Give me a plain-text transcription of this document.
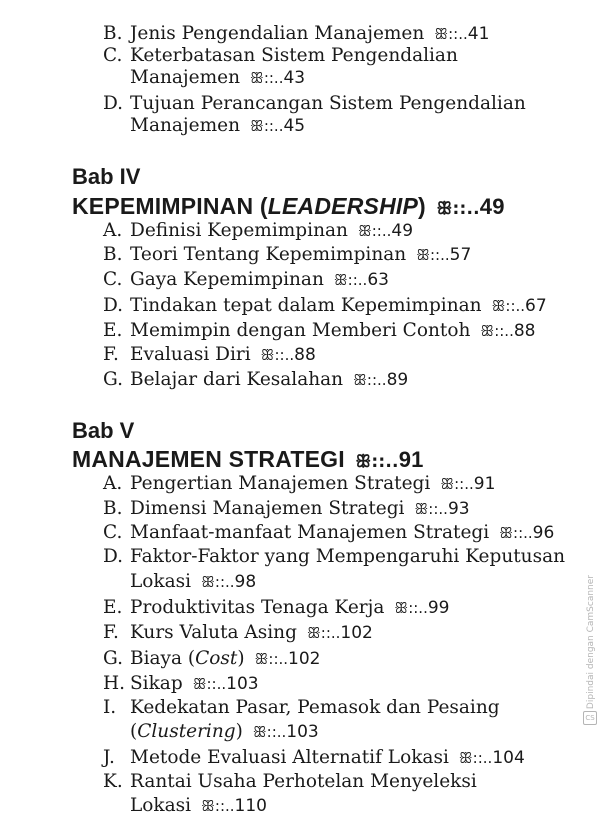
B. Jenis Pengendalian Manajemen ꕥ::..41
C. Keterbatasan Sistem Pengendalian
Manajemen ꕥ::..43
D. Tujuan Perancangan Sistem Pengendalian
Manajemen ꕥ::..45
Bab IV
KEPEMIMPINAN (LEADERSHIP) ꕥ::..49
A. Definisi Kepemimpinan ꕥ::..49
B. Teori Tentang Kepemimpinan ꕥ::..57
C. Gaya Kepemimpinan ꕥ::..63
D. Tindakan tepat dalam Kepemimpinan ꕥ::..67
E. Memimpin dengan Memberi Contoh ꕥ::..88
F. Evaluasi Diri ꕥ::..88
G. Belajar dari Kesalahan ꕥ::..89
Bab V
MANAJEMEN STRATEGI ꕥ::..91
A. Pengertian Manajemen Strategi ꕥ::..91
B. Dimensi Manajemen Strategi ꕥ::..93
C. Manfaat-manfaat Manajemen Strategi ꕥ::..96
D. Faktor-Faktor yang Mempengaruhi Keputusan
Lokasi ꕥ::..98
E. Produktivitas Tenaga Kerja ꕥ::..99
F. Kurs Valuta Asing ꕥ::..102
G. Biaya (Cost) ꕥ::..102
H. Sikap ꕥ::..103
I. Kedekatan Pasar, Pemasok dan Pesaing
(Clustering) ꕥ::..103
J. Metode Evaluasi Alternatif Lokasi ꕥ::..104
K. Rantai Usaha Perhotelan Menyeleksi
Lokasi ꕥ::..110
Dipindai dengan CamScanner
CS
